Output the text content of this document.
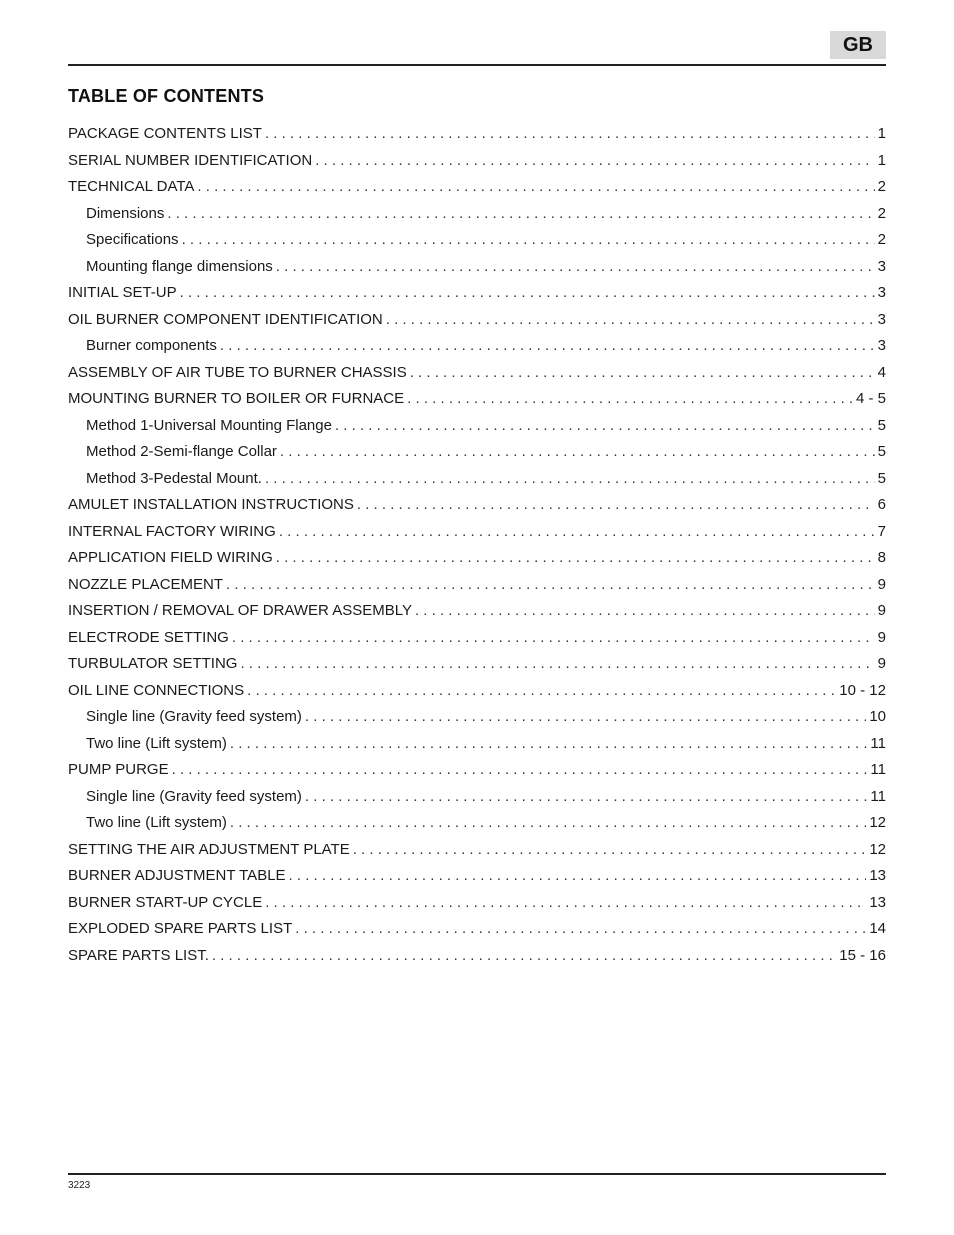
GB
TABLE OF CONTENTS
PACKAGE CONTENTS LIST . . .	1
SERIAL NUMBER IDENTIFICATION . . .	1
TECHNICAL DATA . . .	2
Dimensions . . .	2
Specifications . . .	2
Mounting flange dimensions . . .	3
INITIAL SET-UP . . .	3
OIL BURNER COMPONENT IDENTIFICATION . . .	3
Burner components . . .	3
ASSEMBLY OF AIR TUBE TO BURNER CHASSIS . . .	4
MOUNTING BURNER TO BOILER OR FURNACE . . .	4 - 5
Method 1-Universal Mounting Flange . . .	5
Method 2-Semi-flange Collar . . .	5
Method 3-Pedestal Mount. . . .	5
AMULET INSTALLATION INSTRUCTIONS . . .	6
INTERNAL FACTORY WIRING . . .	7
APPLICATION FIELD WIRING . . .	8
NOZZLE PLACEMENT . . .	9
INSERTION / REMOVAL OF DRAWER ASSEMBLY . . .	9
ELECTRODE SETTING . . .	9
TURBULATOR SETTING . . .	9
OIL LINE CONNECTIONS . . .	10 - 12
Single line (Gravity feed system) . . .	10
Two line (Lift system) . . .	11
PUMP PURGE . . .	11
Single line (Gravity feed system) . . .	11
Two line (Lift system) . . .	12
SETTING THE AIR ADJUSTMENT PLATE . . .	12
BURNER ADJUSTMENT TABLE . . .	13
BURNER START-UP CYCLE . . .	13
EXPLODED SPARE PARTS LIST . . .	14
SPARE PARTS LIST. . . .	15 - 16
3223
